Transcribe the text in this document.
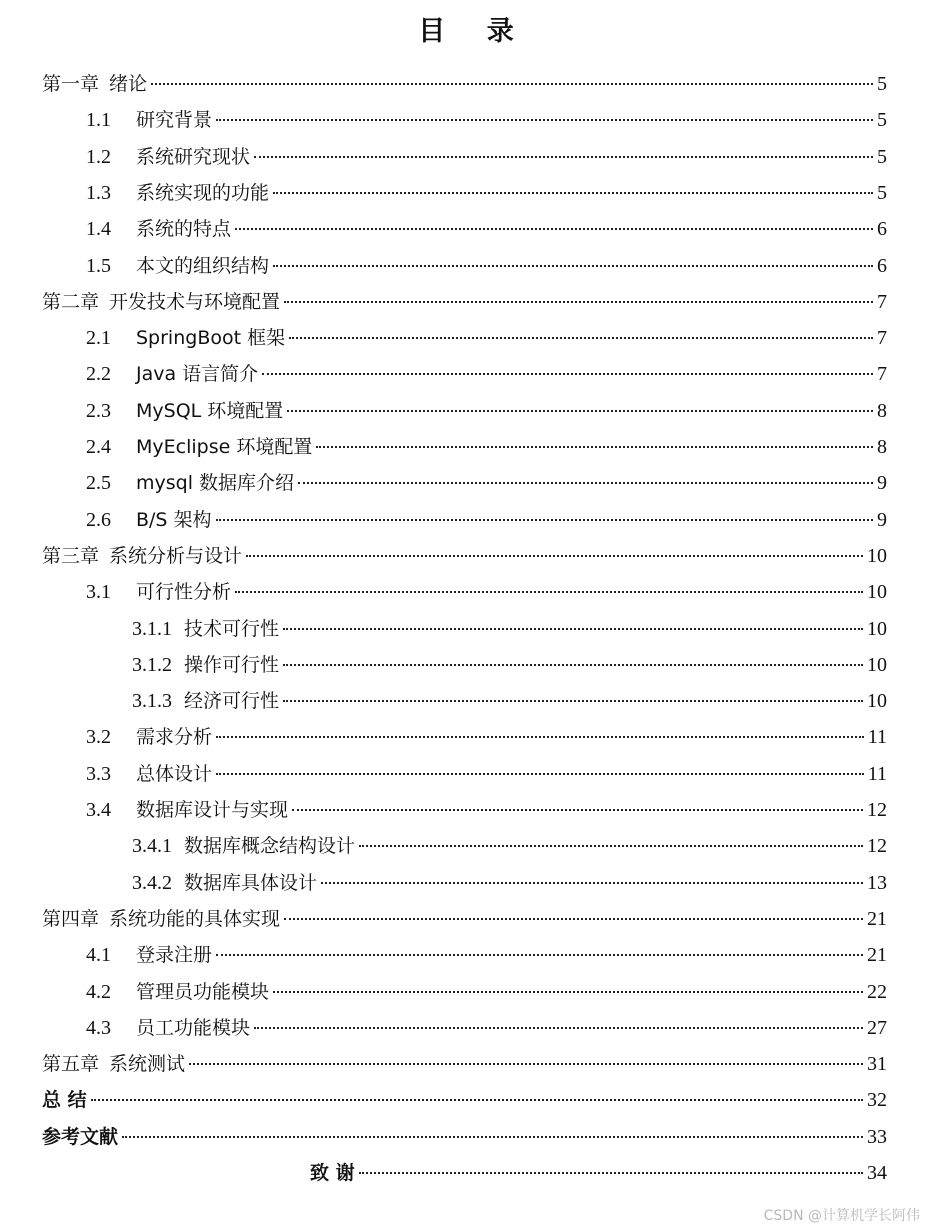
目 录
第一章 绪论	5
1.1	研究背景	5
1.2	系统研究现状	5
1.3	系统实现的功能	5
1.4	系统的特点	6
1.5	本文的组织结构	6
第二章 开发技术与环境配置	7
2.1	SpringBoot 框架	7
2.2	Java 语言简介	7
2.3	MySQL 环境配置	8
2.4	MyEclipse 环境配置	8
2.5	mysql 数据库介绍	9
2.6	B/S 架构	9
第三章 系统分析与设计	10
3.1	可行性分析	10
3.1.1 技术可行性	10
3.1.2 操作可行性	10
3.1.3 经济可行性	10
3.2	需求分析	11
3.3	总体设计	11
3.4	数据库设计与实现	12
3.4.1 数据库概念结构设计	12
3.4.2 数据库具体设计	13
第四章 系统功能的具体实现	21
4.1	登录注册	21
4.2	管理员功能模块	22
4.3	员工功能模块	27
第五章 系统测试	31
总 结	32
参考文献	33
致 谢	34
CSDN @计算机学长阿伟
